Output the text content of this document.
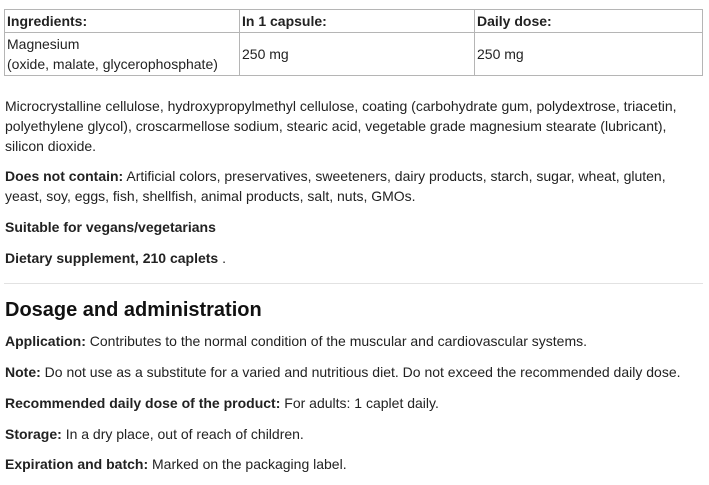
Ingredients:	In 1 capsule:	Daily dose:

Magnesium
(oxide, malate, glycerophosphate)	250 mg	250 mg

Microcrystalline cellulose, hydroxypropylmethyl cellulose, coating (carbohydrate gum, polydextrose, triacetin, polyethylene glycol), croscarmellose sodium, stearic acid, vegetable grade magnesium stearate (lubricant), silicon dioxide.

Does not contain: Artificial colors, preservatives, sweeteners, dairy products, starch, sugar, wheat, gluten, yeast, soy, eggs, fish, shellfish, animal products, salt, nuts, GMOs.

Suitable for vegans/vegetarians

Dietary supplement, 210 caplets .

Dosage and administration

Application: Contributes to the normal condition of the muscular and cardiovascular systems.

Note: Do not use as a substitute for a varied and nutritious diet. Do not exceed the recommended daily dose.

Recommended daily dose of the product: For adults: 1 caplet daily.

Storage: In a dry place, out of reach of children.

Expiration and batch: Marked on the packaging label.
